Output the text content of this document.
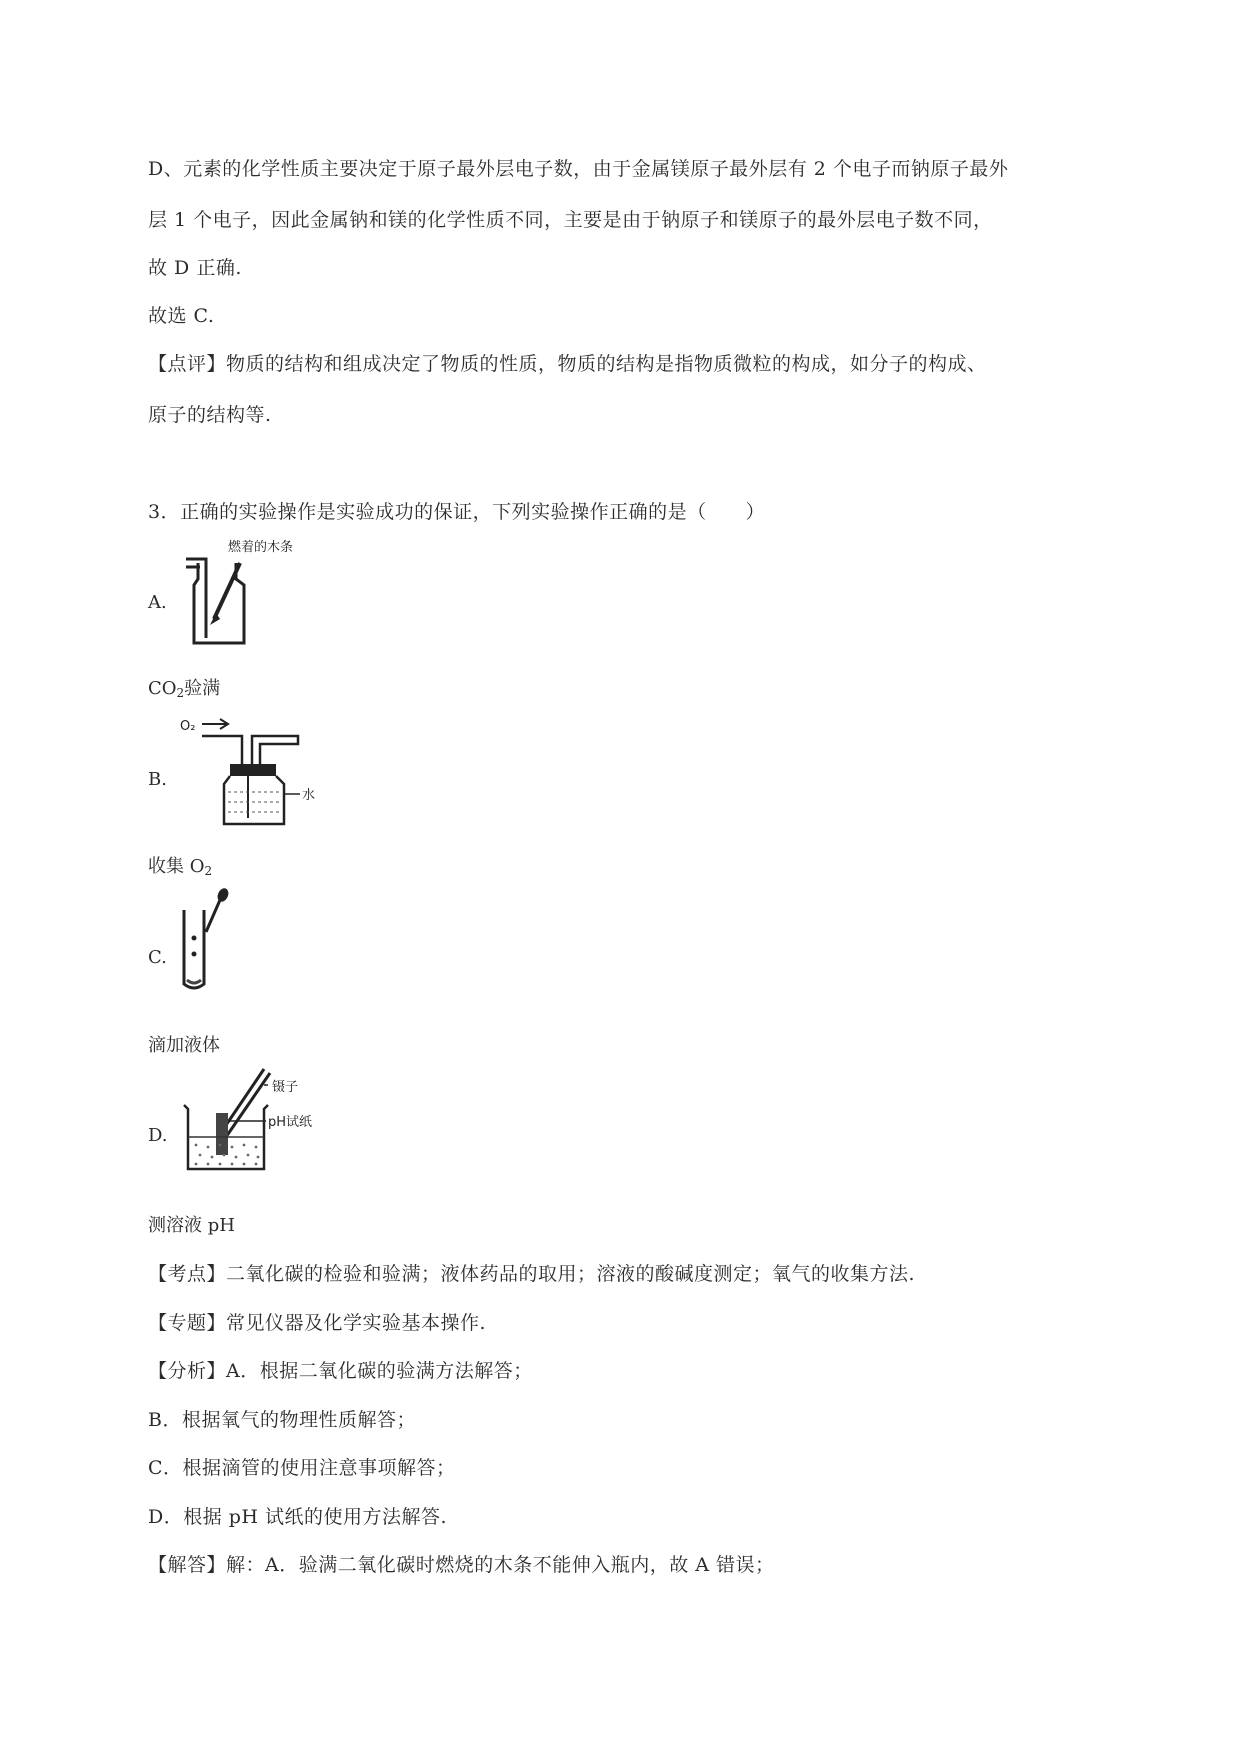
D、元素的化学性质主要决定于原子最外层电子数，由于金属镁原子最外层有 2 个电子而钠原子最外
层 1 个电子，因此金属钠和镁的化学性质不同，主要是由于钠原子和镁原子的最外层电子数不同，
故 D 正确.
故选 C.
【点评】物质的结构和组成决定了物质的性质，物质的结构是指物质微粒的构成，如分子的构成、
原子的结构等.
3．正确的实验操作是实验成功的保证，下列实验操作正确的是（　　）
A.
燃着的木条
$CO_2$验满
B.
O₂
水
收集 $O_2$
C.
滴加液体
D.
镊子
pH试纸
测溶液 pH
【考点】二氧化碳的检验和验满；液体药品的取用；溶液的酸碱度测定；氧气的收集方法.
【专题】常见仪器及化学实验基本操作.
【分析】A．根据二氧化碳的验满方法解答；
B．根据氧气的物理性质解答；
C．根据滴管的使用注意事项解答；
D．根据 pH 试纸的使用方法解答.
【解答】解：A．验满二氧化碳时燃烧的木条不能伸入瓶内，故 A 错误；
